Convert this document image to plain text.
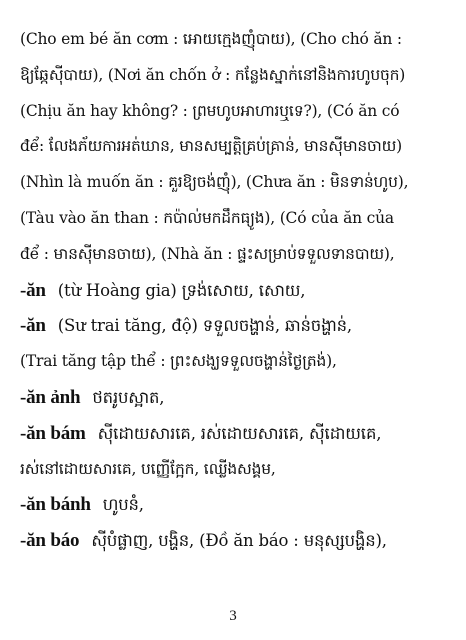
(Cho em bé ăn cơm : អោយក្មេងញុំបាយ), (Cho chó ăn :
ឱ្យឆ្កែស៊ីបាយ), (Nơi ăn chốn ở : កន្លែងស្នាក់នៅនិងការហូបចុក)
(Chịu ăn hay không? : ព្រមហូបអាហារឬទេ?), (Có ăn có
để: លែងភ័យការអត់ឃាន, មានសម្បត្តិគ្រប់គ្រាន់, មានស៊ីមានចាយ)
(Nhìn là muốn ăn : គួរឱ្យចង់ញុំ), (Chưa ăn : មិនទាន់ហូប),
(Tàu vào ăn than : កប៉ាល់មកដឹកធ្យូង), (Có của ăn của
để : មានស៊ីមានចាយ), (Nhà ăn : ផ្ទះសម្រាប់ទទួលទានបាយ),
-ăn (từ Hoàng gia) ទ្រង់សោយ, សោយ,
-ăn (Sư trai tăng, độ) ទទួលចង្ហាន់, ឆាន់ចង្ហាន់,
(Trai tăng tập thể : ព្រះសង្ឃទទួលចង្ហាន់ថ្ងៃត្រង់),
-ăn ảnh ថតរូបស្អាត,
-ăn bám ស៊ីដោយសារគេ, រស់ដោយសារគេ, ស៊ីដោយគេ,
រស់នៅដោយសារគេ, បញ្ញើក្អែក, ឈ្លើងសង្គម,
-ăn bánh ហូបនំ,
-ăn báo ស៊ីបំផ្លាញ, បង្ហិន, (Đồ ăn báo : មនុស្សបង្ហិន),
3
